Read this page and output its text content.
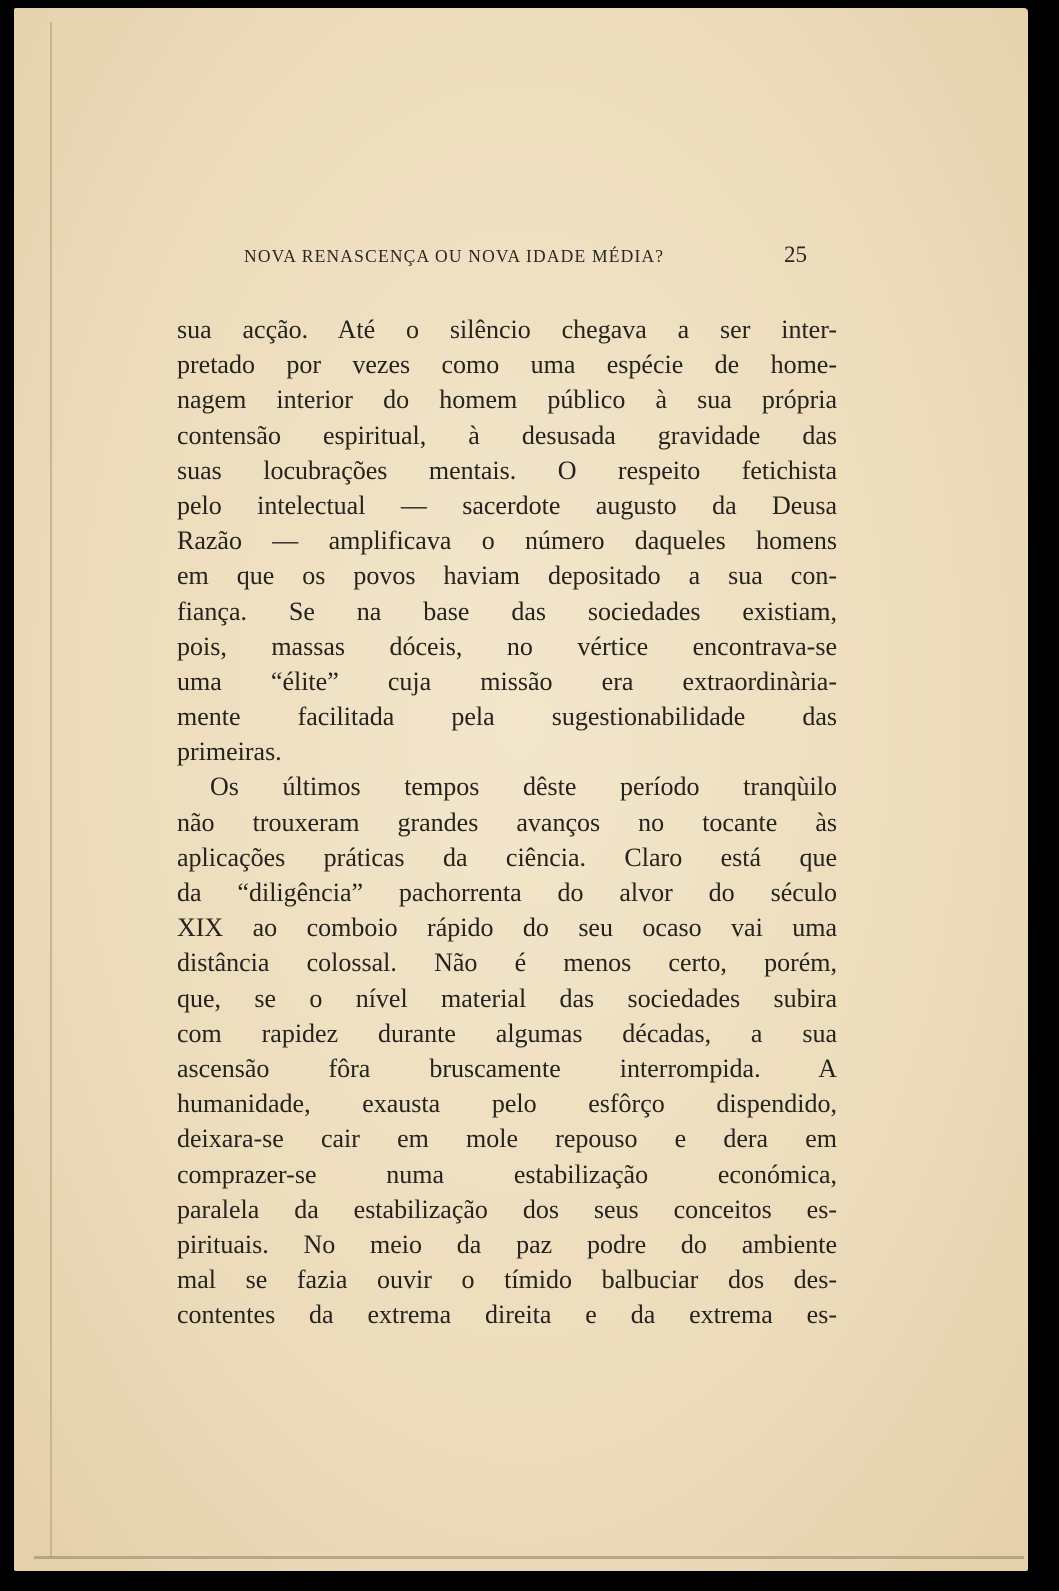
NOVA RENASCENÇA OU NOVA IDADE MÉDIA?	25
sua acção. Até o silêncio chegava a ser inter-
pretado por vezes como uma espécie de home-
nagem interior do homem público à sua própria
contensão espiritual, à desusada gravidade das
suas locubrações mentais. O respeito fetichista
pelo intelectual — sacerdote augusto da Deusa
Razão — amplificava o número daqueles homens
em que os povos haviam depositado a sua con-
fiança. Se na base das sociedades existiam,
pois, massas dóceis, no vértice encontrava-se
uma “élite” cuja missão era extraordinària-
mente facilitada pela sugestionabilidade das
primeiras.
Os últimos tempos dêste período tranqùilo
não trouxeram grandes avanços no tocante às
aplicações práticas da ciência. Claro está que
da “diligência” pachorrenta do alvor do século
XIX ao comboio rápido do seu ocaso vai uma
distância colossal. Não é menos certo, porém,
que, se o nível material das sociedades subira
com rapidez durante algumas décadas, a sua
ascensão fôra bruscamente interrompida. A
humanidade, exausta pelo esfôrço dispendido,
deixara-se cair em mole repouso e dera em
comprazer-se numa estabilização económica,
paralela da estabilização dos seus conceitos es-
pirituais. No meio da paz podre do ambiente
mal se fazia ouvir o tímido balbuciar dos des-
contentes da extrema direita e da extrema es-
